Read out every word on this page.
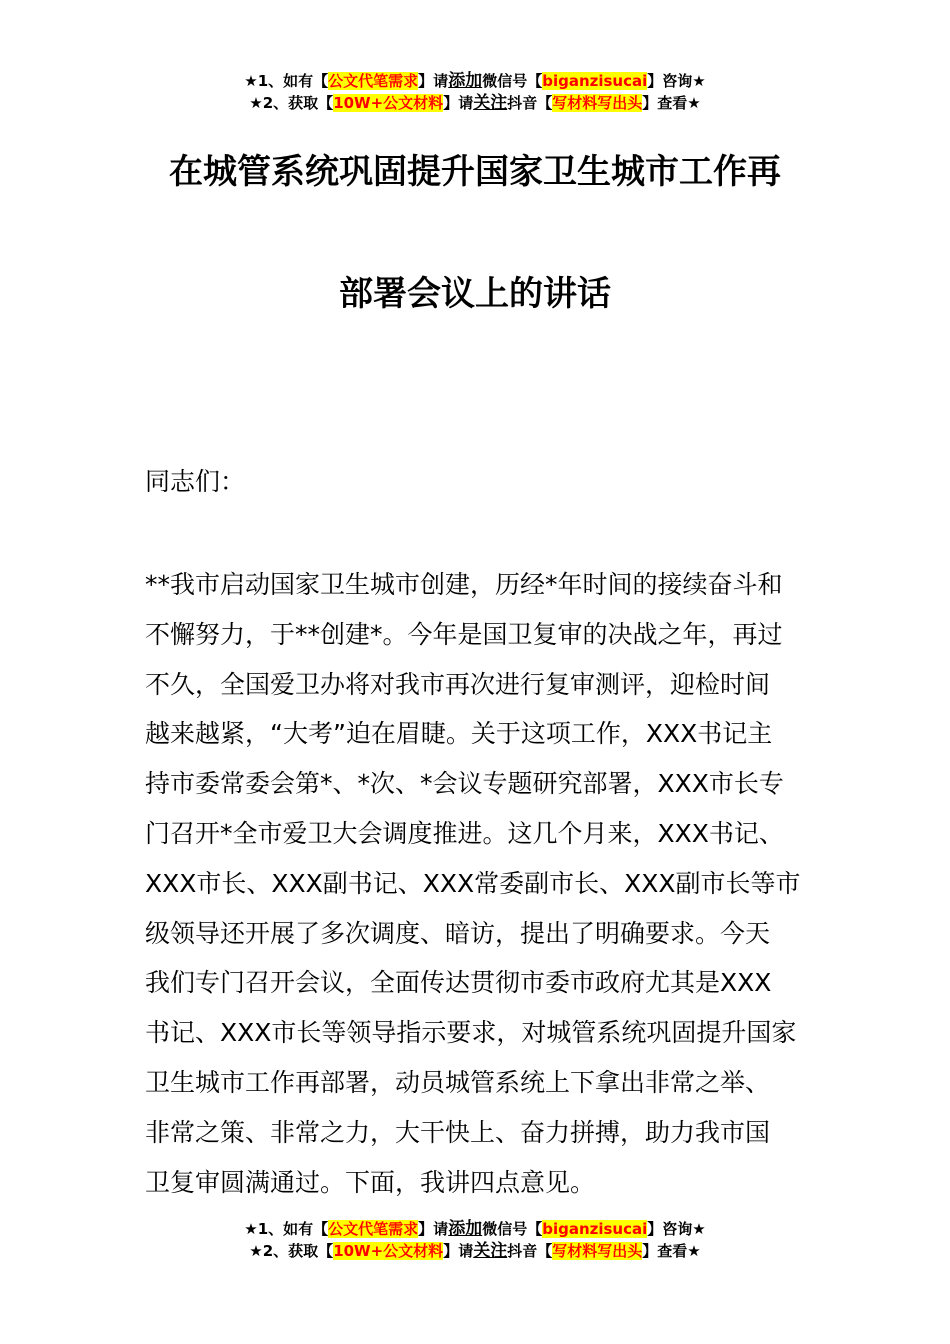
★1、如有【公文代笔需求】请添加微信号【biganzisucai】咨询★
★2、获取【10W+公文材料】请关注抖音【写材料写出头】查看★
在城管系统巩固提升国家卫生城市工作再
部署会议上的讲话
同志们：
**我市启动国家卫生城市创建，历经*年时间的接续奋斗和
不懈努力，于**创建*。今年是国卫复审的决战之年，再过
不久，全国爱卫办将对我市再次进行复审测评，迎检时间
越来越紧，“大考”迫在眉睫。关于这项工作，XXX书记主
持市委常委会第*、*次、*会议专题研究部署，XXX市长专
门召开*全市爱卫大会调度推进。这几个月来，XXX书记、
XXX市长、XXX副书记、XXX常委副市长、XXX副市长等市
级领导还开展了多次调度、暗访，提出了明确要求。今天
我们专门召开会议，全面传达贯彻市委市政府尤其是XXX
书记、XXX市长等领导指示要求，对城管系统巩固提升国家
卫生城市工作再部署，动员城管系统上下拿出非常之举、
非常之策、非常之力，大干快上、奋力拼搏，助力我市国
卫复审圆满通过。下面，我讲四点意见。
★1、如有【公文代笔需求】请添加微信号【biganzisucai】咨询★
★2、获取【10W+公文材料】请关注抖音【写材料写出头】查看★
